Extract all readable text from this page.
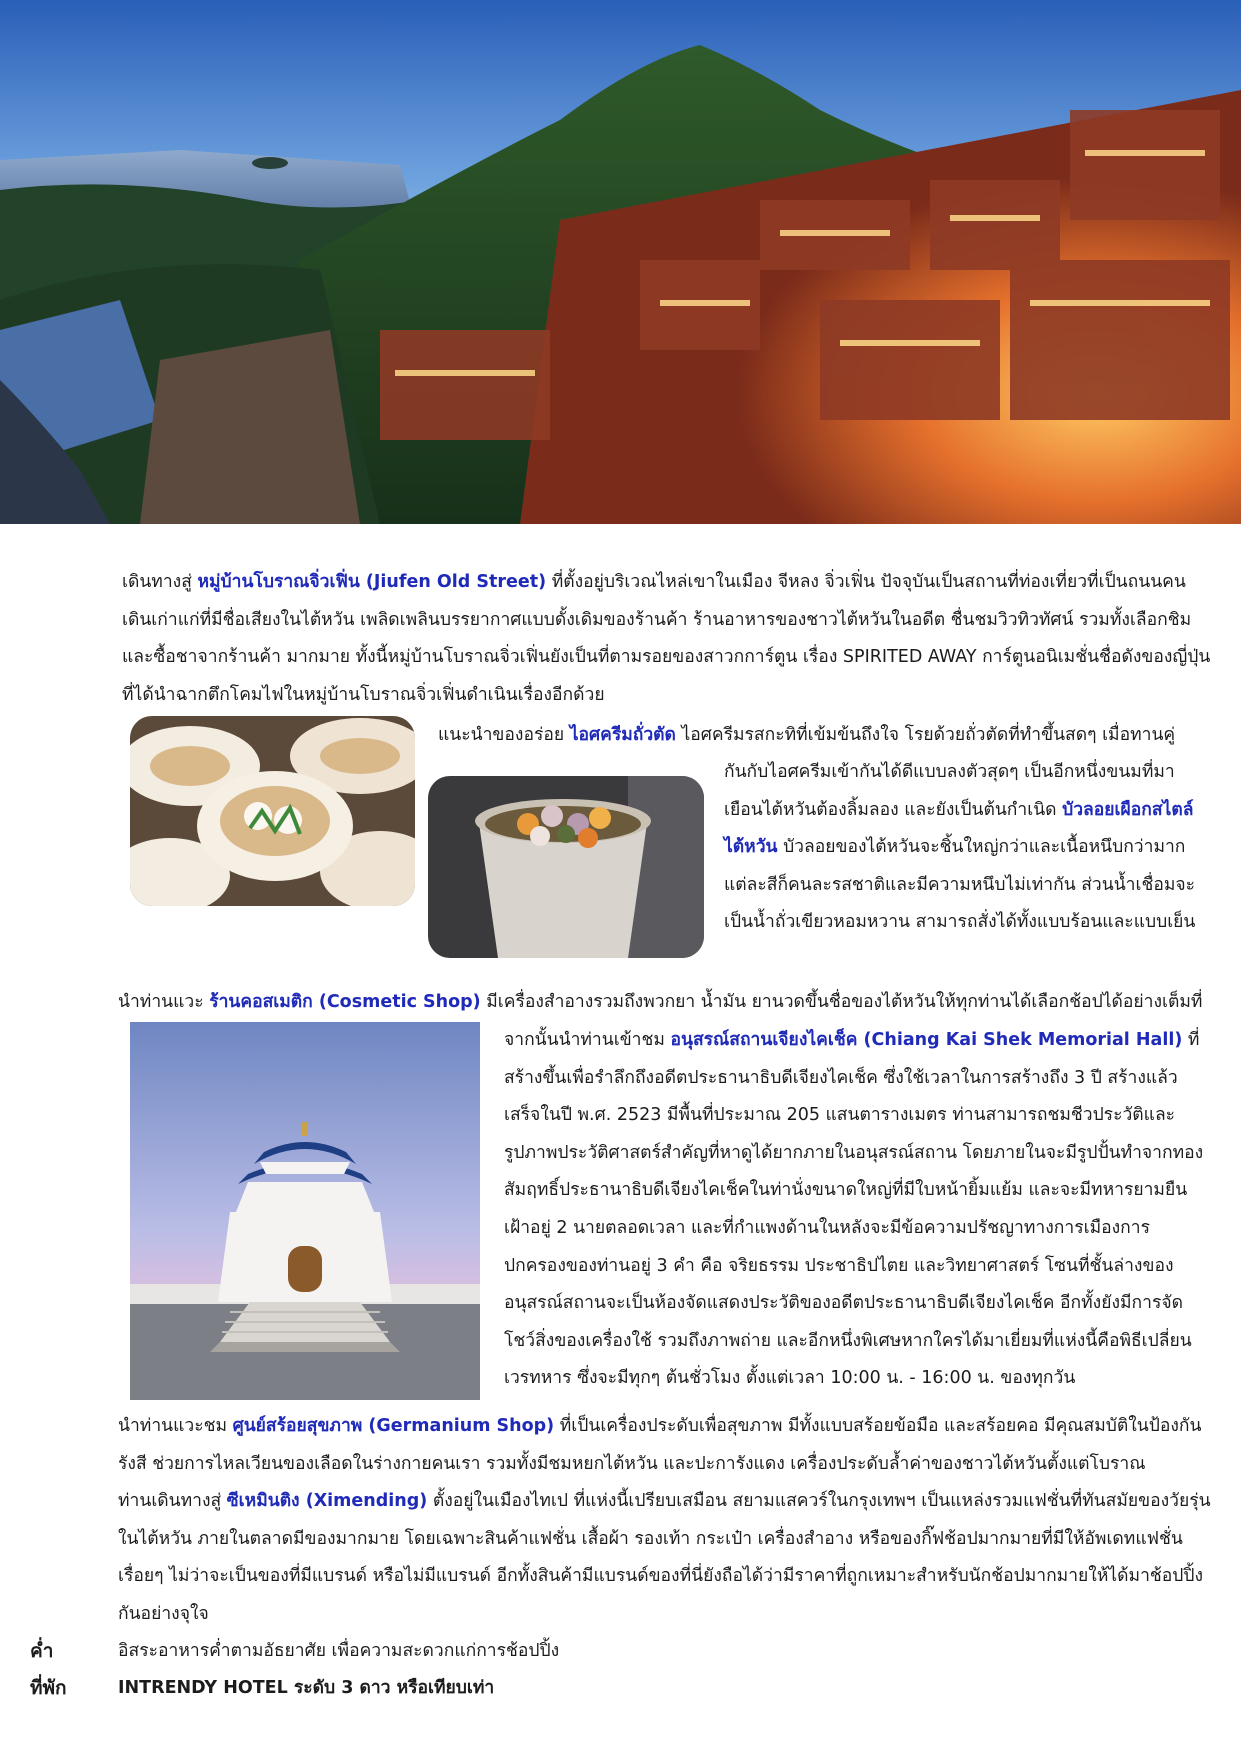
เดินทางสู่ หมู่บ้านโบราณจิ่วเฟิ่น (Jiufen Old Street) ที่ตั้งอยู่บริเวณไหล่เขาในเมือง จีหลง จิ่วเฟิ่น ปัจจุบันเป็นสถานที่ท่องเที่ยวที่เป็นถนนคนเดินเก่าแก่ที่มีชื่อเสียงในไต้หวัน เพลิดเพลินบรรยากาศแบบดั้งเดิมของร้านค้า ร้านอาหารของชาวไต้หวันในอดีต ชื่นชมวิวทิวทัศน์ รวมทั้งเลือกชิมและซื้อชาจากร้านค้า มากมาย ทั้งนี้หมู่บ้านโบราณจิ่วเฟิ่นยังเป็นที่ตามรอยของสาวกการ์ตูน เรื่อง SPIRITED AWAY การ์ตูนอนิเมชั่นชื่อดังของญี่ปุ่น ที่ได้นำฉากตึกโคมไฟในหมู่บ้านโบราณจิ่วเฟิ่นดำเนินเรื่องอีกด้วย

แนะนำของอร่อย ไอศครีมถั่วตัด ไอศครีมรสกะทิที่เข้มข้นถึงใจ โรยด้วยถั่วตัดที่ทำขึ้นสดๆ เมื่อทานคู่

กันกับไอศครีมเข้ากันได้ดีแบบลงตัวสุดๆ เป็นอีกหนึ่งขนมที่มาเยือนไต้หวันต้องลิ้มลอง และยังเป็นต้นกำเนิด บัวลอยเผือกสไตล์ไต้หวัน บัวลอยของไต้หวันจะชิ้นใหญ่กว่าและเนื้อหนึบกว่ามาก แต่ละสีก็คนละรสชาติและมีความหนึบไม่เท่ากัน ส่วนน้ำเชื่อมจะเป็นน้ำถั่วเขียวหอมหวาน สามารถสั่งได้ทั้งแบบร้อนและแบบเย็น

นำท่านแวะ ร้านคอสเมติก (Cosmetic Shop) มีเครื่องสำอางรวมถึงพวกยา น้ำมัน ยานวดขึ้นชื่อของไต้หวันให้ทุกท่านได้เลือกช้อปได้อย่างเต็มที่

จากนั้นนำท่านเข้าชม อนุสรณ์สถานเจียงไคเช็ค (Chiang Kai Shek Memorial Hall) ที่สร้างขึ้นเพื่อรำลึกถึงอดีตประธานาธิบดีเจียงไคเช็ค ซึ่งใช้เวลาในการสร้างถึง 3 ปี สร้างแล้วเสร็จในปี พ.ศ. 2523 มีพื้นที่ประมาณ 205 แสนตารางเมตร ท่านสามารถชมชีวประวัติและรูปภาพประวัติศาสตร์สำคัญที่หาดูได้ยากภายในอนุสรณ์สถาน โดยภายในจะมีรูปปั้นทำจากทองสัมฤทธิ์ประธานาธิบดีเจียงไคเช็คในท่านั่งขนาดใหญ่ที่มีใบหน้ายิ้มแย้ม และจะมีทหารยามยืนเฝ้าอยู่ 2 นายตลอดเวลา และที่กำแพงด้านในหลังจะมีข้อความปรัชญาทางการเมืองการปกครองของท่านอยู่ 3 คำ คือ จริยธรรม ประชาธิปไตย และวิทยาศาสตร์ โซนที่ชั้นล่างของอนุสรณ์สถานจะเป็นห้องจัดแสดงประวัติของอดีตประธานาธิบดีเจียงไคเช็ค อีกทั้งยังมีการจัดโชว์สิ่งของเครื่องใช้ รวมถึงภาพถ่าย และอีกหนึ่งพิเศษหากใครได้มาเยี่ยมที่แห่งนี้คือพิธีเปลี่ยนเวรทหาร ซึ่งจะมีทุกๆ ต้นชั่วโมง ตั้งแต่เวลา 10:00 น. - 16:00 น. ของทุกวัน

นำท่านแวะชม ศูนย์สร้อยสุขภาพ (Germanium Shop) ที่เป็นเครื่องประดับเพื่อสุขภาพ มีทั้งแบบสร้อยข้อมือ และสร้อยคอ มีคุณสมบัติในป้องกันรังสี ช่วยการไหลเวียนของเลือดในร่างกายคนเรา รวมทั้งมีชมหยกไต้หวัน และปะการังแดง เครื่องประดับล้ำค่าของชาวไต้หวันตั้งแต่โบราณ

ท่านเดินทางสู่ ซีเหมินติง (Ximending) ตั้งอยู่ในเมืองไทเป ที่แห่งนี้เปรียบเสมือน สยามแสควร์ในกรุงเทพฯ เป็นแหล่งรวมแฟชั่นที่ทันสมัยของวัยรุ่นในไต้หวัน ภายในตลาดมีของมากมาย โดยเฉพาะสินค้าแฟชั่น เสื้อผ้า รองเท้า กระเป๋า เครื่องสำอาง หรือของกิ๊ฟช้อปมากมายที่มีให้อัพเดทแฟชั่นเรื่อยๆ ไม่ว่าจะเป็นของที่มีแบรนด์ หรือไม่มีแบรนด์ อีกทั้งสินค้ามีแบรนด์ของที่นี่ยังถือได้ว่ามีราคาที่ถูกเหมาะสำหรับนักช้อปมากมายให้ได้มาช้อปปิ้งกันอย่างจุใจ

ค่ำ	อิสระอาหารค่ำตามอัธยาศัย เพื่อความสะดวกแก่การช้อปปิ้ง
ที่พัก	INTRENDY HOTEL ระดับ 3 ดาว หรือเทียบเท่า
